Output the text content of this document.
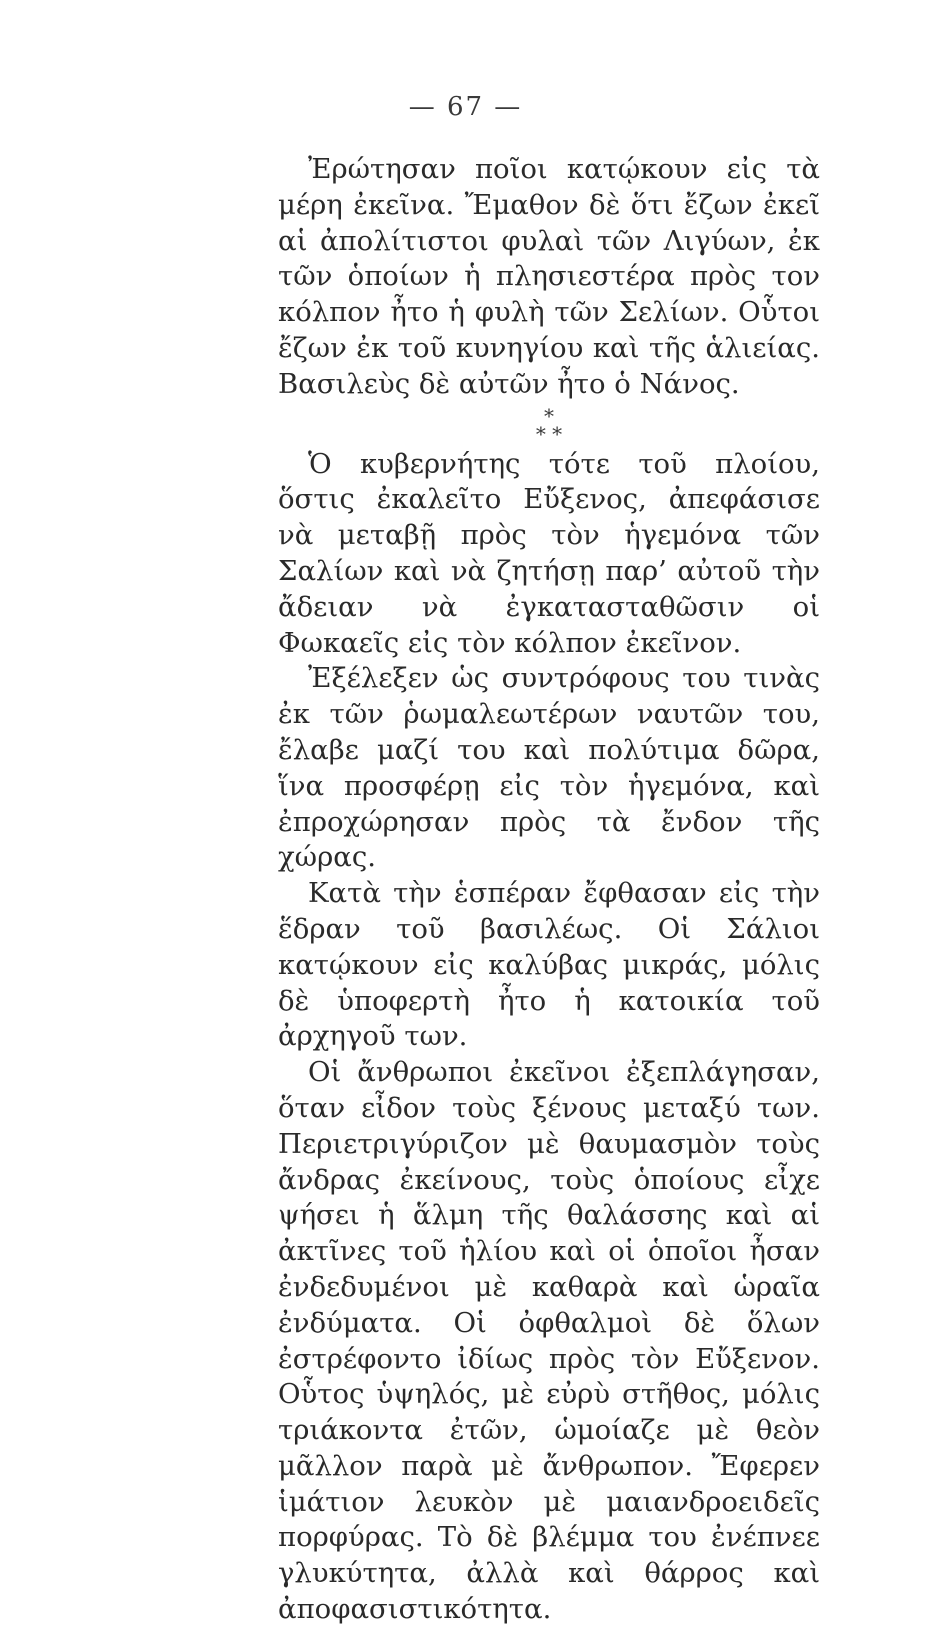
— 67 —

Ἐρώτησαν ποῖοι κατῴκουν εἰς τὰ μέρη ἐκεῖνα. Ἔμαθον δὲ ὅτι ἔζων ἐκεῖ αἱ ἀπολίτιστοι φυλαὶ τῶν Λιγύων, ἐκ τῶν ὁποίων ἡ πλησιεστέρα πρὸς τον κόλπον ἦτο ἡ φυλὴ τῶν Σελίων. Οὗτοι ἔζων ἐκ τοῦ κυνηγίου καὶ τῆς ἁλιείας. Βασιλεὺς δὲ αὐτῶν ἦτο ὁ Νάνος.

*
* *

Ὁ κυβερνήτης τότε τοῦ πλοίου, ὅστις ἐκαλεῖτο Εὔξενος, ἀπεφάσισε νὰ μεταβῇ πρὸς τὸν ἡγεμόνα τῶν Σαλίων καὶ νὰ ζητήσῃ παρ’ αὐτοῦ τὴν ἄδειαν νὰ ἐγκατασταθῶσιν οἱ Φωκαεῖς εἰς τὸν κόλπον ἐκεῖνον.

Ἐξέλεξεν ὡς συντρόφους του τινὰς ἐκ τῶν ῥωμαλεωτέρων ναυτῶν του, ἔλαβε μαζί του καὶ πολύτιμα δῶρα, ἵνα προσφέρῃ εἰς τὸν ἡγεμόνα, καὶ ἐπροχώρησαν πρὸς τὰ ἔνδον τῆς χώρας.

Κατὰ τὴν ἑσπέραν ἔφθασαν εἰς τὴν ἕδραν τοῦ βασιλέως. Οἱ Σάλιοι κατῴκουν εἰς καλύβας μικράς, μόλις δὲ ὑποφερτὴ ἦτο ἡ κατοικία τοῦ ἀρχηγοῦ των.

Οἱ ἄνθρωποι ἐκεῖνοι ἐξεπλάγησαν, ὅταν εἶδον τοὺς ξένους μεταξύ των. Περιετριγύριζον μὲ θαυμασμὸν τοὺς ἄνδρας ἐκείνους, τοὺς ὁποίους εἶχε ψήσει ἡ ἅλμη τῆς θαλάσσης καὶ αἱ ἀκτῖνες τοῦ ἡλίου καὶ οἱ ὁποῖοι ἦσαν ἐνδεδυμένοι μὲ καθαρὰ καὶ ὡραῖα ἐνδύματα. Οἱ ὀφθαλμοὶ δὲ ὅλων ἐστρέφοντο ἰδίως πρὸς τὸν Εὔξενον. Οὗτος ὑψηλός, μὲ εὐρὺ στῆθος, μόλις τριάκοντα ἐτῶν, ὡμοίαζε μὲ θεὸν μᾶλλον παρὰ μὲ ἄνθρωπον. Ἔφερεν ἱμάτιον λευκὸν μὲ μαιανδροειδεῖς πορφύρας. Τὸ δὲ βλέμμα του ἐνέπνεε γλυκύτητα, ἀλλὰ καὶ θάρρος καὶ ἀποφασιστικότητα.
